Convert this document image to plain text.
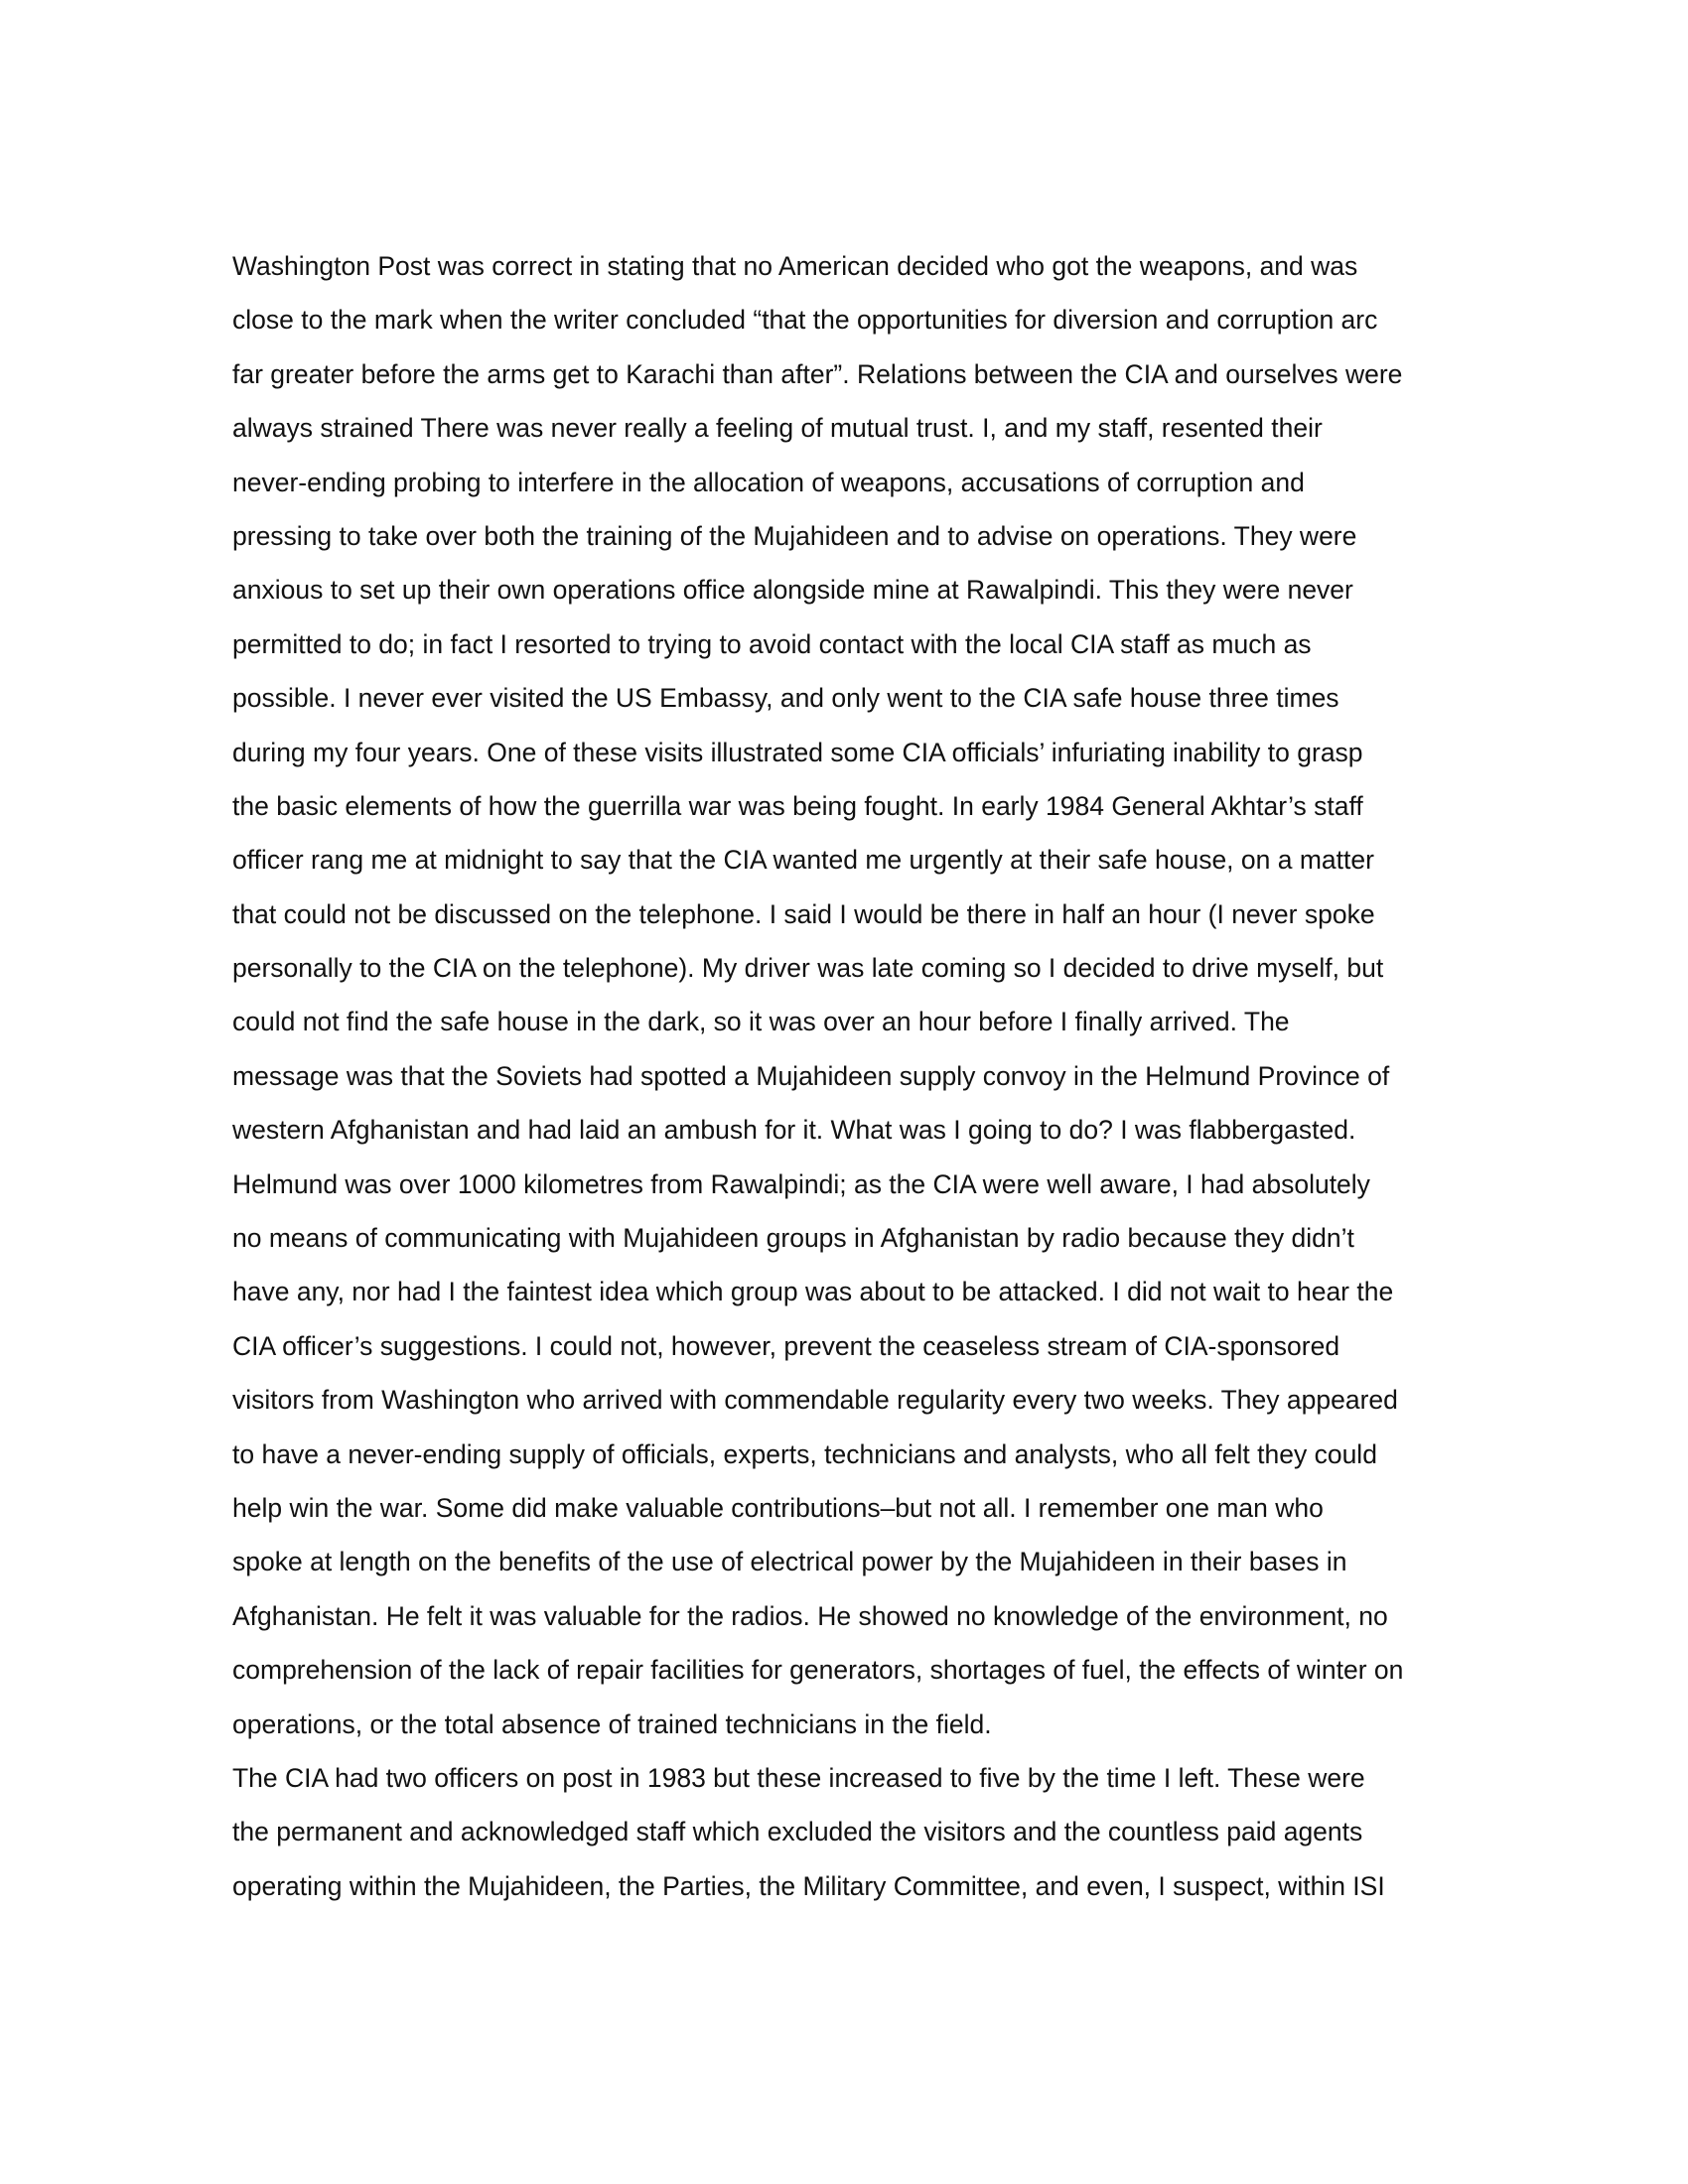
Washington Post was correct in stating that no American decided who got the weapons, and was
close to the mark when the writer concluded “that the opportunities for diversion and corruption arc
far greater before the arms get to Karachi than after”. Relations between the CIA and ourselves were
always strained There was never really a feeling of mutual trust. I, and my staff, resented their
never-ending probing to interfere in the allocation of weapons, accusations of corruption and
pressing to take over both the training of the Mujahideen and to advise on operations. They were
anxious to set up their own operations office alongside mine at Rawalpindi. This they were never
permitted to do; in fact I resorted to trying to avoid contact with the local CIA staff as much as
possible. I never ever visited the US Embassy, and only went to the CIA safe house three times
during my four years. One of these visits illustrated some CIA officials’ infuriating inability to grasp
the basic elements of how the guerrilla war was being fought. In early 1984 General Akhtar’s staff
officer rang me at midnight to say that the CIA wanted me urgently at their safe house, on a matter
that could not be discussed on the telephone. I said I would be there in half an hour (I never spoke
personally to the CIA on the telephone). My driver was late coming so I decided to drive myself, but
could not find the safe house in the dark, so it was over an hour before I finally arrived. The
message was that the Soviets had spotted a Mujahideen supply convoy in the Helmund Province of
western Afghanistan and had laid an ambush for it. What was I going to do? I was flabbergasted.
Helmund was over 1000 kilometres from Rawalpindi; as the CIA were well aware, I had absolutely
no means of communicating with Mujahideen groups in Afghanistan by radio because they didn’t
have any, nor had I the faintest idea which group was about to be attacked. I did not wait to hear the
CIA officer’s suggestions. I could not, however, prevent the ceaseless stream of CIA-sponsored
visitors from Washington who arrived with commendable regularity every two weeks. They appeared
to have a never-ending supply of officials, experts, technicians and analysts, who all felt they could
help win the war. Some did make valuable contributions–but not all. I remember one man who
spoke at length on the benefits of the use of electrical power by the Mujahideen in their bases in
Afghanistan. He felt it was valuable for the radios. He showed no knowledge of the environment, no
comprehension of the lack of repair facilities for generators, shortages of fuel, the effects of winter on
operations, or the total absence of trained technicians in the field.
The CIA had two officers on post in 1983 but these increased to five by the time I left. These were
the permanent and acknowledged staff which excluded the visitors and the countless paid agents
operating within the Mujahideen, the Parties, the Military Committee, and even, I suspect, within ISI
